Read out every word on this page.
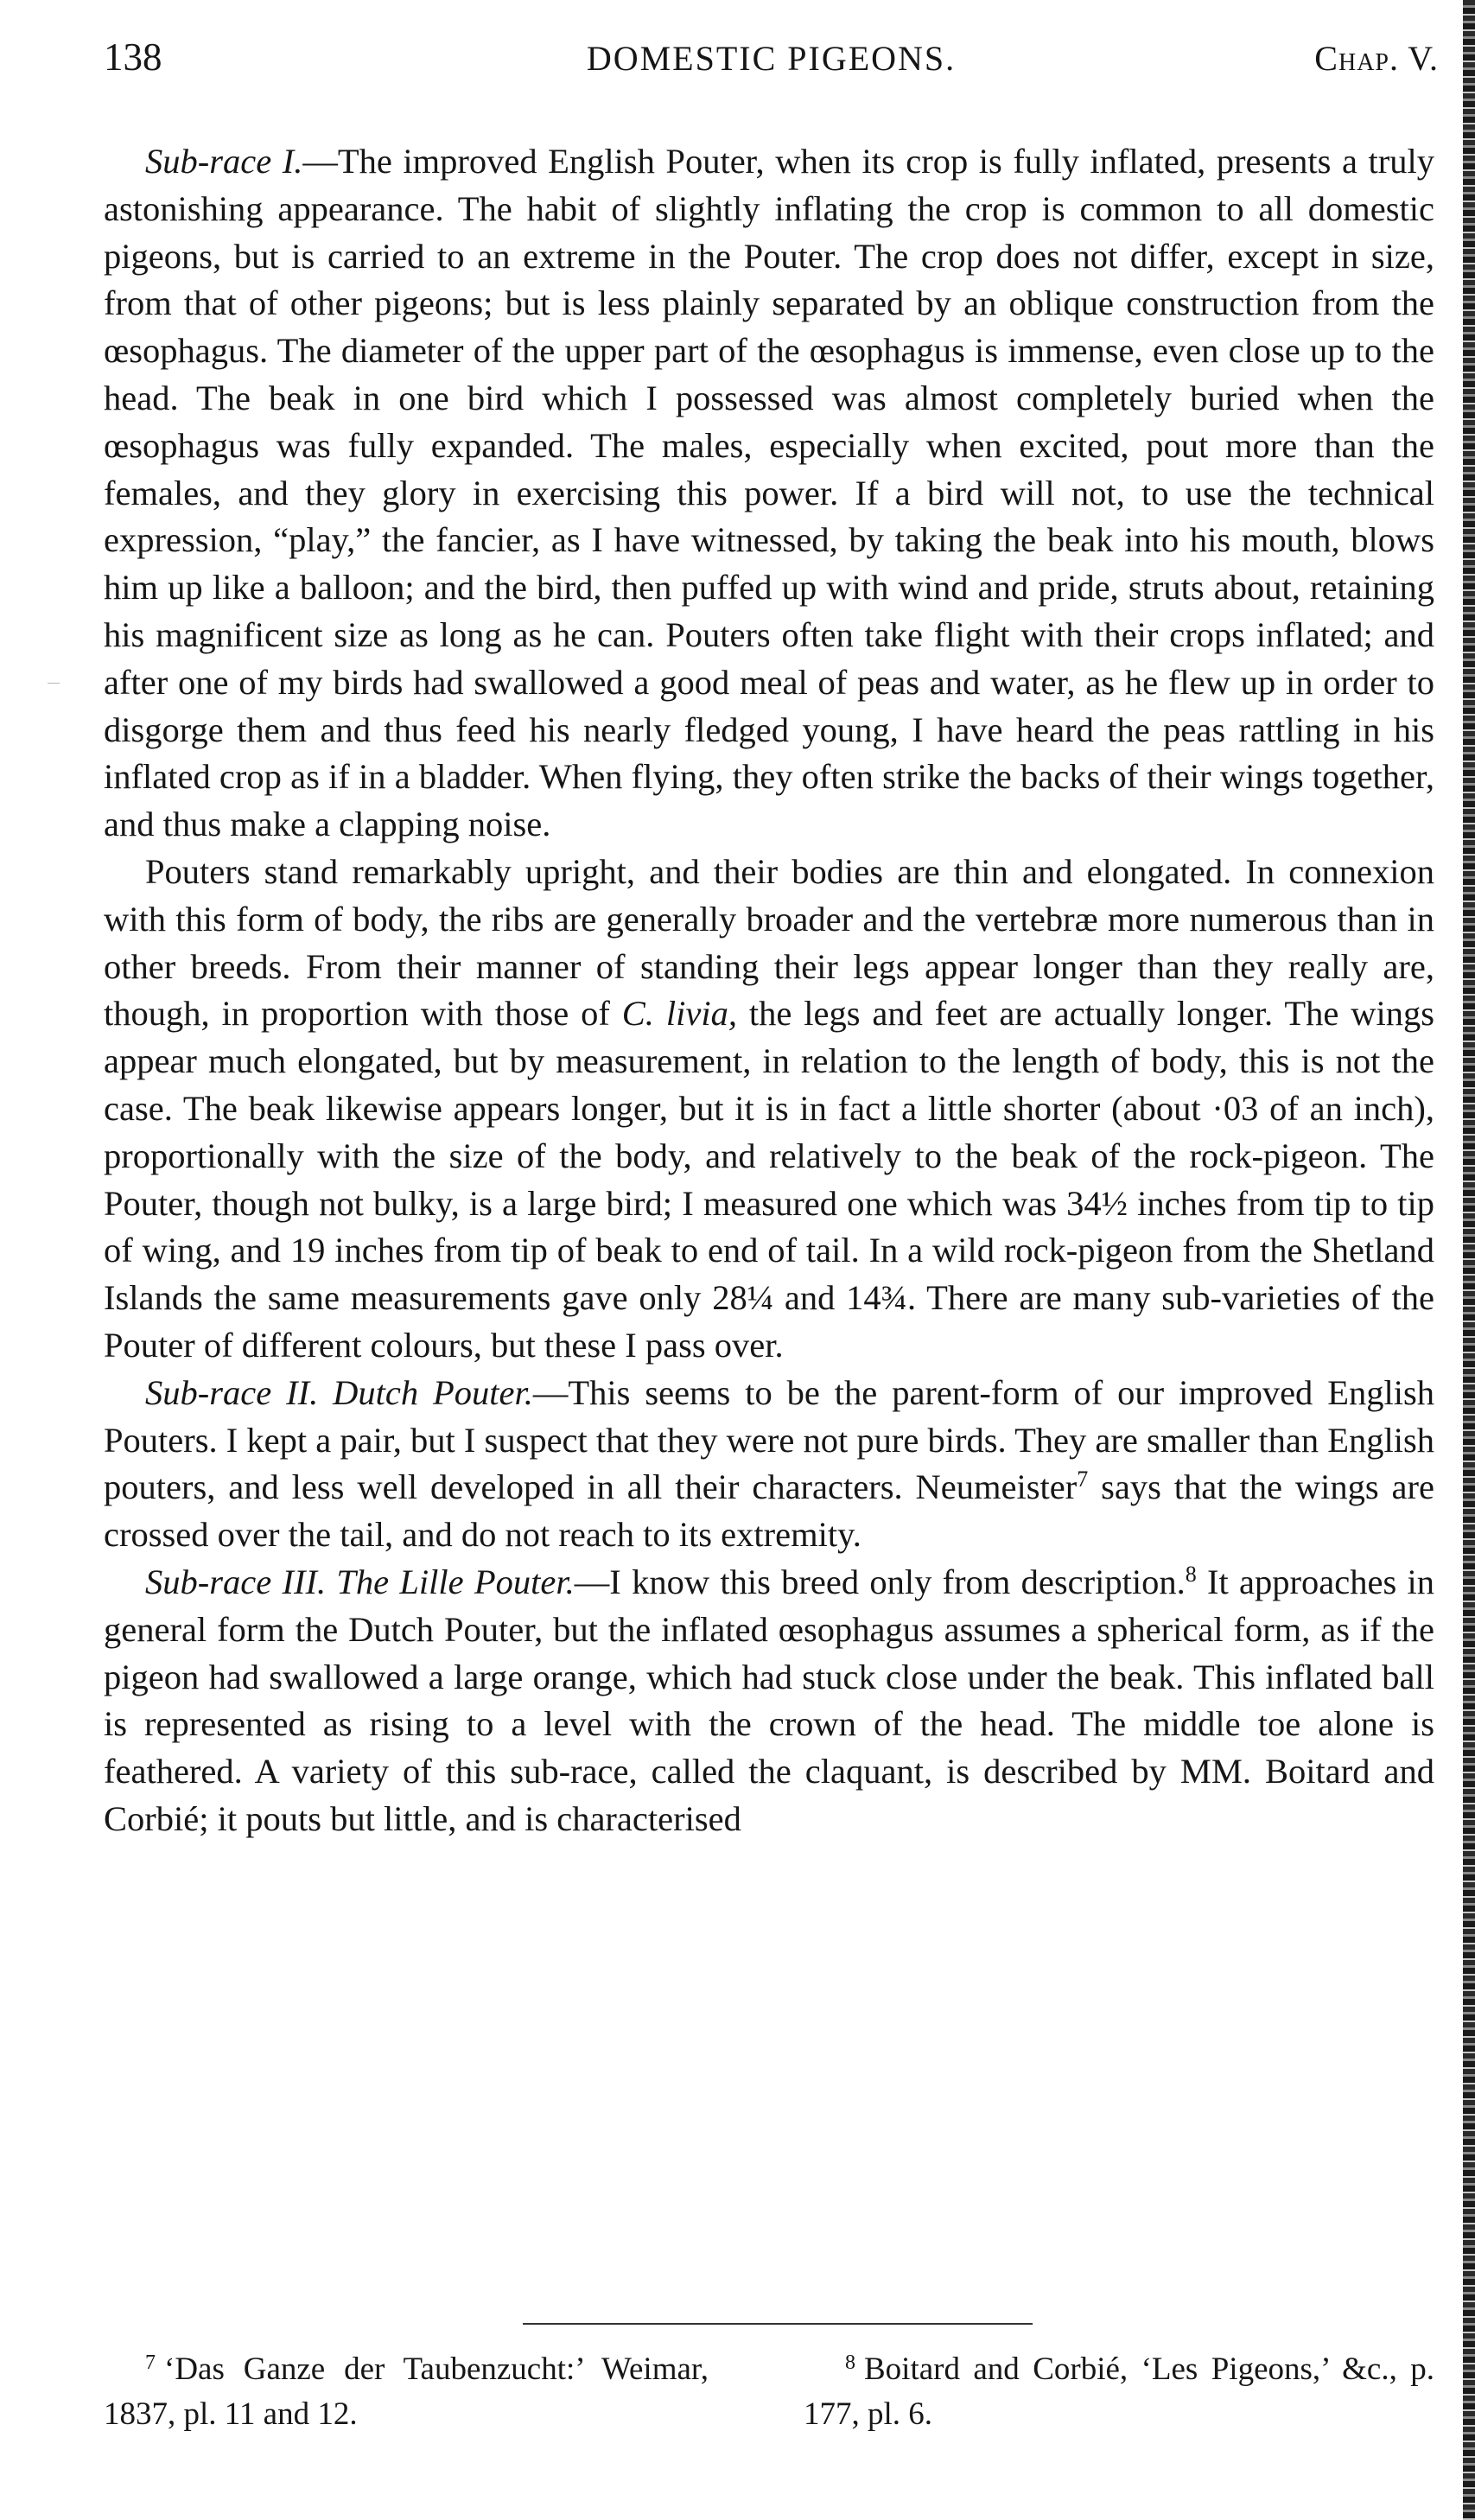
138	DOMESTIC PIGEONS.	Chap. V.

Sub-race I.—The improved English Pouter, when its crop is fully inflated, presents a truly astonishing appearance. The habit of slightly inflating the crop is common to all domestic pigeons, but is carried to an extreme in the Pouter. The crop does not differ, except in size, from that of other pigeons; but is less plainly separated by an oblique construction from the œsophagus. The diameter of the upper part of the œsophagus is immense, even close up to the head. The beak in one bird which I possessed was almost completely buried when the œsophagus was fully expanded. The males, especially when excited, pout more than the females, and they glory in exercising this power. If a bird will not, to use the technical expression, “play,” the fancier, as I have witnessed, by taking the beak into his mouth, blows him up like a balloon; and the bird, then puffed up with wind and pride, struts about, retaining his magnificent size as long as he can. Pouters often take flight with their crops inflated; and after one of my birds had swallowed a good meal of peas and water, as he flew up in order to disgorge them and thus feed his nearly fledged young, I have heard the peas rattling in his inflated crop as if in a bladder. When flying, they often strike the backs of their wings together, and thus make a clapping noise.

Pouters stand remarkably upright, and their bodies are thin and elongated. In connexion with this form of body, the ribs are generally broader and the vertebræ more numerous than in other breeds. From their manner of standing their legs appear longer than they really are, though, in proportion with those of C. livia, the legs and feet are actually longer. The wings appear much elongated, but by measurement, in relation to the length of body, this is not the case. The beak likewise appears longer, but it is in fact a little shorter (about ·03 of an inch), proportionally with the size of the body, and relatively to the beak of the rock-pigeon. The Pouter, though not bulky, is a large bird; I measured one which was 34½ inches from tip to tip of wing, and 19 inches from tip of beak to end of tail. In a wild rock-pigeon from the Shetland Islands the same measurements gave only 28¼ and 14¾. There are many sub-varieties of the Pouter of different colours, but these I pass over.

Sub-race II. Dutch Pouter.—This seems to be the parent-form of our improved English Pouters. I kept a pair, but I suspect that they were not pure birds. They are smaller than English pouters, and less well developed in all their characters. Neumeister$^7$ says that the wings are crossed over the tail, and do not reach to its extremity.

Sub-race III. The Lille Pouter.—I know this breed only from description.$^8$ It approaches in general form the Dutch Pouter, but the inflated œsophagus assumes a spherical form, as if the pigeon had swallowed a large orange, which had stuck close under the beak. This inflated ball is represented as rising to a level with the crown of the head. The middle toe alone is feathered. A variety of this sub-race, called the claquant, is described by MM. Boitard and Corbié; it pouts but little, and is characterised

$^7$ ‘Das Ganze der Taubenzucht:’ Weimar, 1837, pl. 11 and 12.
$^8$ Boitard and Corbié, ‘Les Pigeons,’ &c., p. 177, pl. 6.
